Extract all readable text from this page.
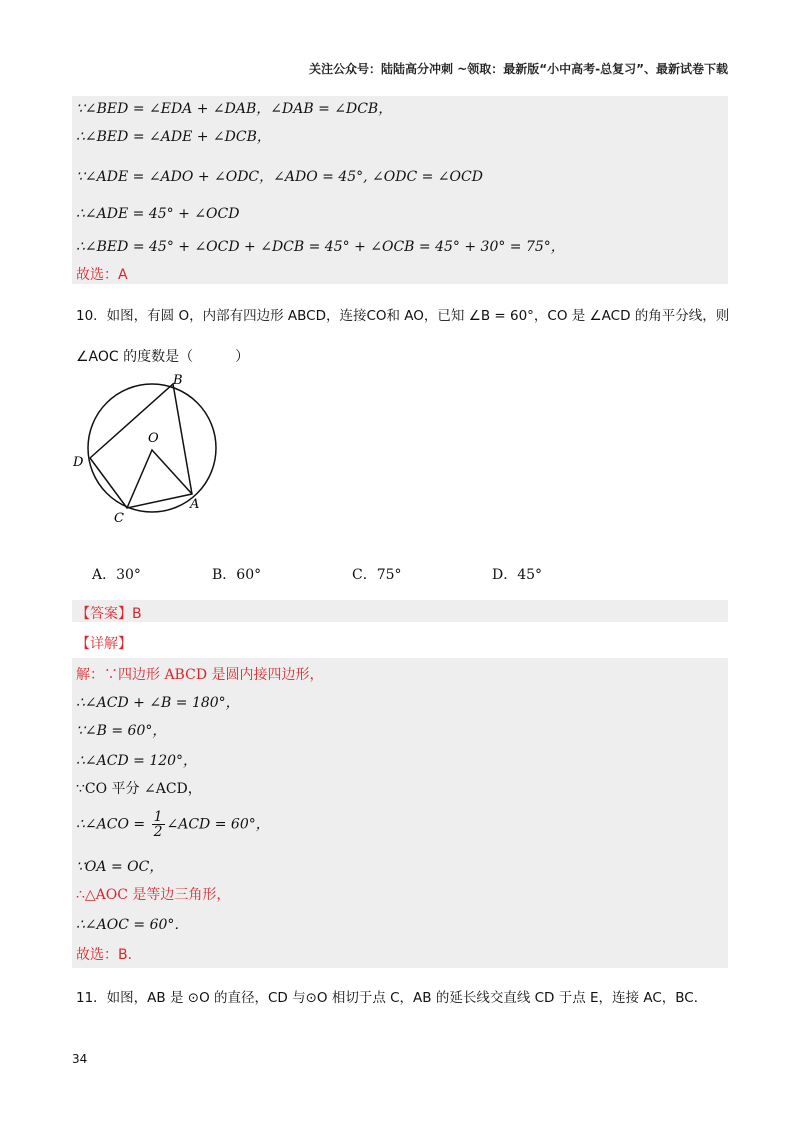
关注公众号：陆陆高分冲刺 ~领取：最新版“小中高考-总复习”、最新试卷下载
∵∠BED = ∠EDA + ∠DAB，∠DAB = ∠DCB，
∴∠BED = ∠ADE + ∠DCB，
∵∠ADE = ∠ADO + ∠ODC，∠ADO = 45°, ∠ODC = ∠OCD
∴∠ADE = 45° + ∠OCD
∴∠BED = 45° + ∠OCD + ∠DCB = 45° + ∠OCB = 45° + 30° = 75°，
故选：A
10．如图，有圆 O，内部有四边形 ABCD，连接CO和 AO，已知 ∠B = 60°，CO 是 ∠ACD 的角平分线，则
∠AOC 的度数是（　　　）
B
O
D
C
A
A．30°	B．60°	C．75°	D．45°
【答案】B
【详解】
解：∵四边形 ABCD 是圆内接四边形，
∴∠ACD + ∠B = 180°，
∵∠B = 60°，
∴∠ACD = 120°，
∵CO 平分 ∠ACD，
∴∠ACO = $\frac{1}{2}$ ∠ACD = 60°，
∵OA = OC，
∴△AOC 是等边三角形，
∴∠AOC = 60°．
故选：B．
11．如图，AB 是 ⊙O 的直径，CD 与⊙O 相切于点 C，AB 的延长线交直线 CD 于点 E，连接 AC，BC．
34
